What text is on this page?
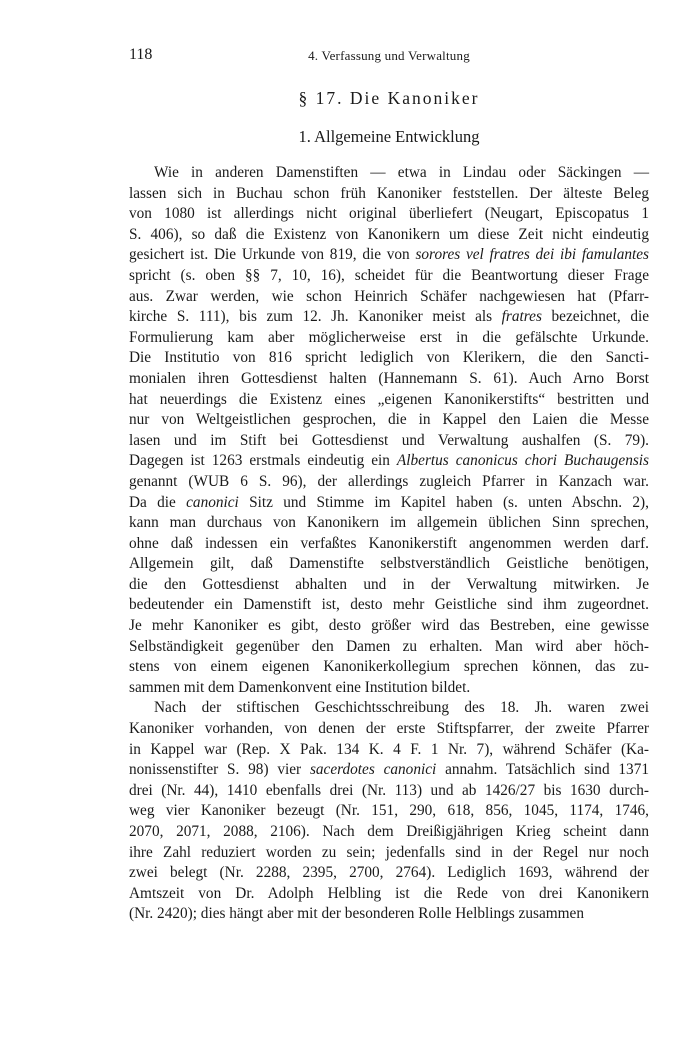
118	4. Verfassung und Verwaltung
§ 17. Die Kanoniker
1. Allgemeine Entwicklung
Wie in anderen Damenstiften — etwa in Lindau oder Säckingen —
lassen sich in Buchau schon früh Kanoniker feststellen. Der älteste Beleg
von 1080 ist allerdings nicht original überliefert (Neugart, Episcopatus 1
S. 406), so daß die Existenz von Kanonikern um diese Zeit nicht eindeutig
gesichert ist. Die Urkunde von 819, die von sorores vel fratres dei ibi famulantes
spricht (s. oben §§ 7, 10, 16), scheidet für die Beantwortung dieser Frage
aus. Zwar werden, wie schon Heinrich Schäfer nachgewiesen hat (Pfarr-
kirche S. 111), bis zum 12. Jh. Kanoniker meist als fratres bezeichnet, die
Formulierung kam aber möglicherweise erst in die gefälschte Urkunde.
Die Institutio von 816 spricht lediglich von Klerikern, die den Sancti-
monialen ihren Gottesdienst halten (Hannemann S. 61). Auch Arno Borst
hat neuerdings die Existenz eines „eigenen Kanonikerstifts“ bestritten und
nur von Weltgeistlichen gesprochen, die in Kappel den Laien die Messe
lasen und im Stift bei Gottesdienst und Verwaltung aushalfen (S. 79).
Dagegen ist 1263 erstmals eindeutig ein Albertus canonicus chori Buchaugensis
genannt (WUB 6 S. 96), der allerdings zugleich Pfarrer in Kanzach war.
Da die canonici Sitz und Stimme im Kapitel haben (s. unten Abschn. 2),
kann man durchaus von Kanonikern im allgemein üblichen Sinn sprechen,
ohne daß indessen ein verfaßtes Kanonikerstift angenommen werden darf.
Allgemein gilt, daß Damenstifte selbstverständlich Geistliche benötigen,
die den Gottesdienst abhalten und in der Verwaltung mitwirken. Je
bedeutender ein Damenstift ist, desto mehr Geistliche sind ihm zugeordnet.
Je mehr Kanoniker es gibt, desto größer wird das Bestreben, eine gewisse
Selbständigkeit gegenüber den Damen zu erhalten. Man wird aber höch-
stens von einem eigenen Kanonikerkollegium sprechen können, das zu-
sammen mit dem Damenkonvent eine Institution bildet.
Nach der stiftischen Geschichtsschreibung des 18. Jh. waren zwei
Kanoniker vorhanden, von denen der erste Stiftspfarrer, der zweite Pfarrer
in Kappel war (Rep. X Pak. 134 K. 4 F. 1 Nr. 7), während Schäfer (Ka-
nonissenstifter S. 98) vier sacerdotes canonici annahm. Tatsächlich sind 1371
drei (Nr. 44), 1410 ebenfalls drei (Nr. 113) und ab 1426/27 bis 1630 durch-
weg vier Kanoniker bezeugt (Nr. 151, 290, 618, 856, 1045, 1174, 1746,
2070, 2071, 2088, 2106). Nach dem Dreißigjährigen Krieg scheint dann
ihre Zahl reduziert worden zu sein; jedenfalls sind in der Regel nur noch
zwei belegt (Nr. 2288, 2395, 2700, 2764). Lediglich 1693, während der
Amtszeit von Dr. Adolph Helbling ist die Rede von drei Kanonikern
(Nr. 2420); dies hängt aber mit der besonderen Rolle Helblings zusammen
